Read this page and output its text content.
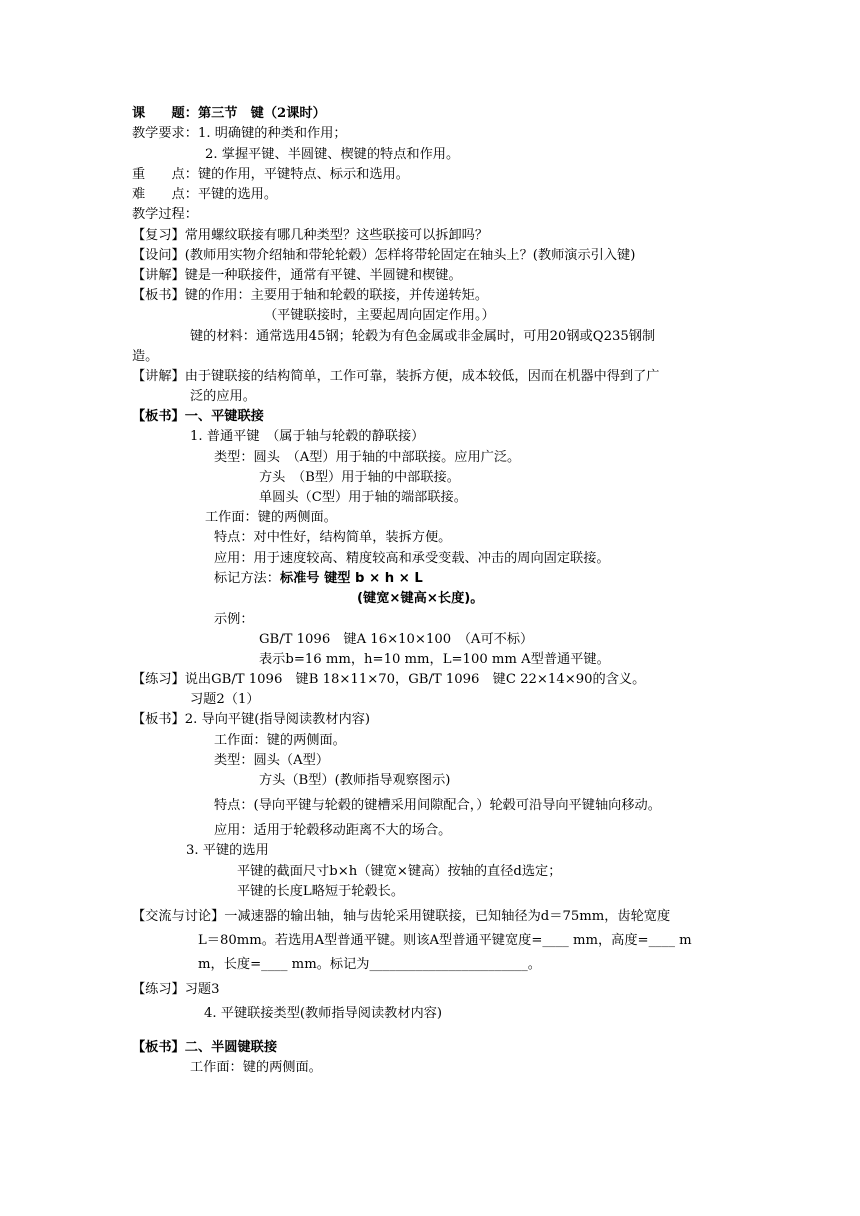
课　　题：第三节　键（2课时）
教学要求：1. 明确键的种类和作用；
2. 掌握平键、半圆键、楔键的特点和作用。
重　　点：键的作用，平键特点、标示和选用。
难　　点：平键的选用。
教学过程：
【复习】常用螺纹联接有哪几种类型？这些联接可以拆卸吗？
【设问】(教师用实物介绍轴和带轮轮毂）怎样将带轮固定在轴头上？(教师演示引入键)
【讲解】键是一种联接件，通常有平键、半圆键和楔键。
【板书】键的作用：主要用于轴和轮毂的联接，并传递转矩。
（平键联接时，主要起周向固定作用。）
键的材料：通常选用45钢；轮毂为有色金属或非金属时，可用20钢或Q235钢制
造。
【讲解】由于键联接的结构简单，工作可靠，装拆方便，成本较低，因而在机器中得到了广
泛的应用。
【板书】一、平键联接
1. 普通平键　（属于轴与轮毂的静联接）
类型：圆头　（A型）用于轴的中部联接。应用广泛。
方头　（B型）用于轴的中部联接。
单圆头（C型）用于轴的端部联接。
工作面：键的两侧面。
特点：对中性好，结构简单，装拆方便。
应用：用于速度较高、精度较高和承受变载、冲击的周向固定联接。
标记方法：标准号 键型 b × h × L
(键宽×键高×长度)。
示例：
GB/T 1096　键A 16×10×100　（A可不标）
表示b=16 mm，h=10 mm，L=100 mm A型普通平键。
【练习】说出GB/T 1096　键B 18×11×70，GB/T 1096　键C 22×14×90的含义。
习题2（1）
【板书】2. 导向平键(指导阅读教材内容)
工作面：键的两侧面。
类型：圆头（A型）
方头（B型）(教师指导观察图示)
特点：(导向平键与轮毂的键槽采用间隙配合，）轮毂可沿导向平键轴向移动。
应用：适用于轮毂移动距离不大的场合。
3. 平键的选用
平键的截面尺寸b×h（键宽×键高）按轴的直径d选定；
平键的长度L略短于轮毂长。
【交流与讨论】一减速器的输出轴，轴与齿轮采用键联接，已知轴径为d＝75mm，齿轮宽度
L＝80mm。若选用A型普通平键。则该A型普通平键宽度=____ mm，高度=____ m
m，长度=____ mm。标记为________________________。
【练习】习题3
4. 平键联接类型(教师指导阅读教材内容)
【板书】二、半圆键联接
工作面：键的两侧面。
